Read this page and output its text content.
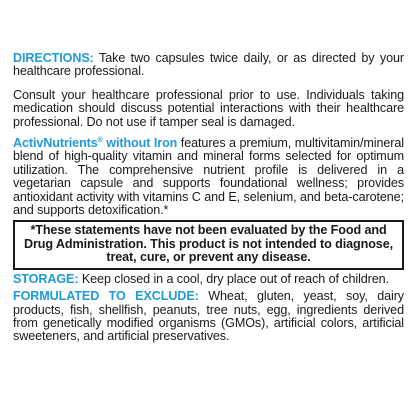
DIRECTIONS: Take two capsules twice daily, or as directed by your healthcare professional.

Consult your healthcare professional prior to use. Individuals taking medication should discuss potential interactions with their healthcare professional. Do not use if tamper seal is damaged.

ActivNutrients® without Iron features a premium, multivitamin/mineral blend of high-quality vitamin and mineral forms selected for optimum utilization. The comprehensive nutrient profile is delivered in a vegetarian capsule and supports foundational wellness; provides antioxidant activity with vitamins C and E, selenium, and beta-carotene; and supports detoxification.*

*These statements have not been evaluated by the Food and Drug Administration. This product is not intended to diagnose, treat, cure, or prevent any disease.

STORAGE: Keep closed in a cool, dry place out of reach of children.

FORMULATED TO EXCLUDE: Wheat, gluten, yeast, soy, dairy products, fish, shellfish, peanuts, tree nuts, egg, ingredients derived from genetically modified organisms (GMOs), artificial colors, artificial sweeteners, and artificial preservatives.
